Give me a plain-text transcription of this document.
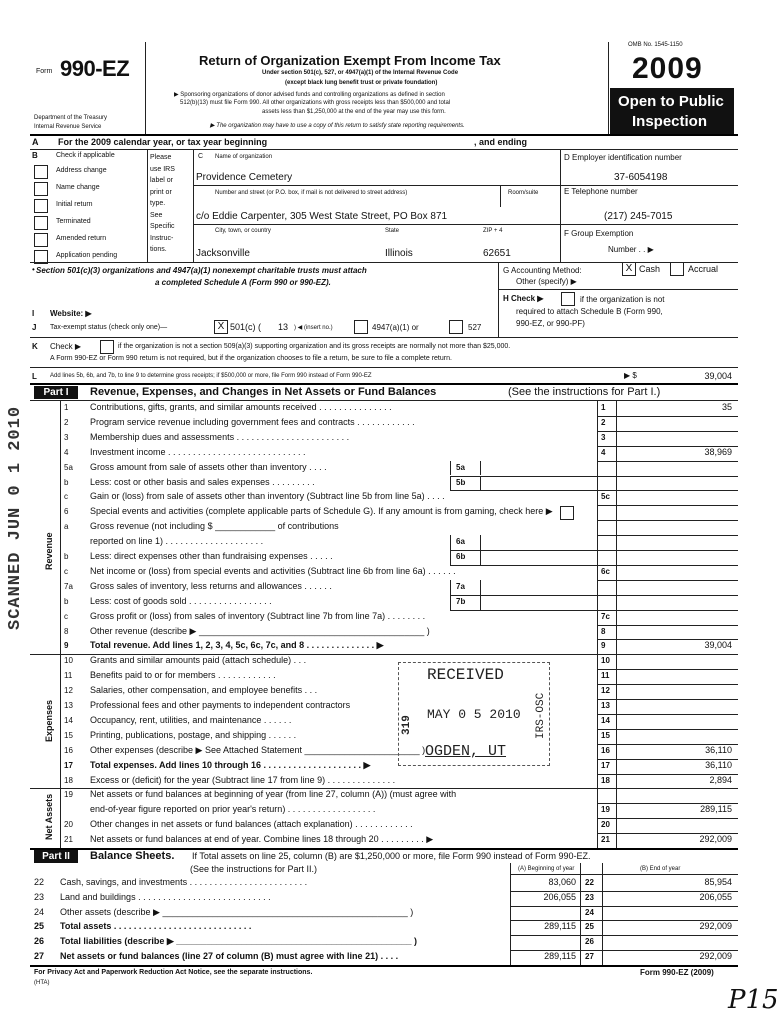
Form 990-EZ
Department of the Treasury
Internal Revenue Service
Return of Organization Exempt From Income Tax
Under section 501(c), 527, or 4947(a)(1) of the Internal Revenue Code
(except black lung benefit trust or private foundation)
▶ Sponsoring organizations of donor advised funds and controlling organizations as defined in section
512(b)(13) must file Form 990. All other organizations with gross receipts less than $500,000 and total
assets less than $1,250,000 at the end of the year may use this form.
▶ The organization may have to use a copy of this return to satisfy state reporting requirements.
OMB No. 1545-1150
2009
Open to Public
Inspection
A For the 2009 calendar year, or tax year beginning	, and ending
B	Check if applicable
Address change
Name change
Initial return
Terminated
Amended return
Application pending
Please
use IRS
label or
print or
type.
See
Specific
Instruc-
tions.
C Name of organization
Providence Cemetery
Number and street (or P.O. box, if mail is not delivered to street address)	Room/suite
c/o Eddie Carpenter, 305 West State Street, PO Box 871
City, town, or country	State	ZIP + 4
Jacksonville	Illinois	62651
D Employer identification number
37-6054198
E Telephone number
(217) 245-7015
F Group Exemption
Number . . ▶
Section 501(c)(3) organizations and 4947(a)(1) nonexempt charitable trusts must attach
a completed Schedule A (Form 990 or 990-EZ).
•	G Accounting Method:	X Cash	Accrual
Other (specify) ▶
I Website: ▶
H Check ▶	if the organization is not
required to attach Schedule B (Form 990,
990-EZ, or 990-PF)
J Tax-exempt status (check only one)—	X 501(c) ( 13 ) ◀ (insert no.)	4947(a)(1) or	527
K Check ▶	if the organization is not a section 509(a)(3) supporting organization and its gross receipts are normally not more than $25,000.
A Form 990-EZ or Form 990 return is not required, but if the organization chooses to file a return, be sure to file a complete return.
L Add lines 5b, 6b, and 7b, to line 9 to determine gross receipts; if $500,000 or more, file Form 990 instead of Form 990-EZ	▶ $	39,004
Part I	Revenue, Expenses, and Changes in Net Assets or Fund Balances	(See the instructions for Part I.)
Revenue
Expenses
Net Assets
1 Contributions, gifts, grants, and similar amounts received . . . . . . . . . . . . . . .	1	35
2 Program service revenue including government fees and contracts . . . . . . . . . . . .	2
3 Membership dues and assessments . . . . . . . . . . . . . . . . . . . . . . .	3
4 Investment income . . . . . . . . . . . . . . . . . . . . . . . . . . . .	4	38,969
5a Gross amount from sale of assets other than inventory . . . .	5a
b Less: cost or other basis and sales expenses . . . . . . . . .	5b
c Gain or (loss) from sale of assets other than inventory (Subtract line 5b from line 5a) . . . .	5c
6 Special events and activities (complete applicable parts of Schedule G). If any amount is from gaming, check here ▶
a Gross revenue (not including $ ____________ of contributions
reported on line 1) . . . . . . . . . . . . . . . . . . . .	6a
b Less: direct expenses other than fundraising expenses . . . . .	6b
c Net income or (loss) from special events and activities (Subtract line 6b from line 6a) . . . . . .	6c
7a Gross sales of inventory, less returns and allowances . . . . . .	7a
b Less: cost of goods sold . . . . . . . . . . . . . . . . .	7b
c Gross profit or (loss) from sales of inventory (Subtract line 7b from line 7a) . . . . . . . .	7c
8 Other revenue (describe ▶ _____________________________________________ )	8
9 Total revenue. Add lines 1, 2, 3, 4, 5c, 6c, 7c, and 8 . . . . . . . . . . . . . . ▶	9	39,004
10 Grants and similar amounts paid (attach schedule) . . .	10
11 Benefits paid to or for members . . . . . . . . . . . .	11
12 Salaries, other compensation, and employee benefits . . .	12
13 Professional fees and other payments to independent contractors	13
14 Occupancy, rent, utilities, and maintenance . . . . . .	14
15 Printing, publications, postage, and shipping . . . . . .	15
16 Other expenses (describe ▶ See Attached Statement _______________________ )	16	36,110
17 Total expenses. Add lines 10 through 16 . . . . . . . . . . . . . . . . . . . . ▶	17	36,110
18 Excess or (deficit) for the year (Subtract line 17 from line 9) . . . . . . . . . . . . . .	18	2,894
19 Net assets or fund balances at beginning of year (from line 27, column (A)) (must agree with
end-of-year figure reported on prior year's return) . . . . . . . . . . . . . . . . . .	19	289,115
20 Other changes in net assets or fund balances (attach explanation) . . . . . . . . . . . .	20
21 Net assets or fund balances at end of year. Combine lines 18 through 20 . . . . . . . . . ▶	21	292,009
Part II	Balance Sheets. If Total assets on line 25, column (B) are $1,250,000 or more, file Form 990 instead of Form 990-EZ.
(See the instructions for Part II.)	(A) Beginning of year	(B) End of year
22 Cash, savings, and investments . . . . . . . . . . . . . . . . . . . . . . . .	83,060 22	85,954
23 Land and buildings . . . . . . . . . . . . . . . . . . . . . . . . . . .	206,055 23	206,055
24 Other assets (describe ▶ _________________________________________________ )	24
25 Total assets . . . . . . . . . . . . . . . . . . . . . . . . . . . .	289,115 25	292,009
26 Total liabilities (describe ▶ _______________________________________________ )	26
27 Net assets or fund balances (line 27 of column (B) must agree with line 21) . . . .	289,115 27	292,009
For Privacy Act and Paperwork Reduction Act Notice, see the separate instructions.
(HTA)
Form 990-EZ (2009)
RECEIVED
MAY 0 5 2010
OGDEN, UT
IRS-OSC
319
SCANNED JUN 0 1 2010
P15
